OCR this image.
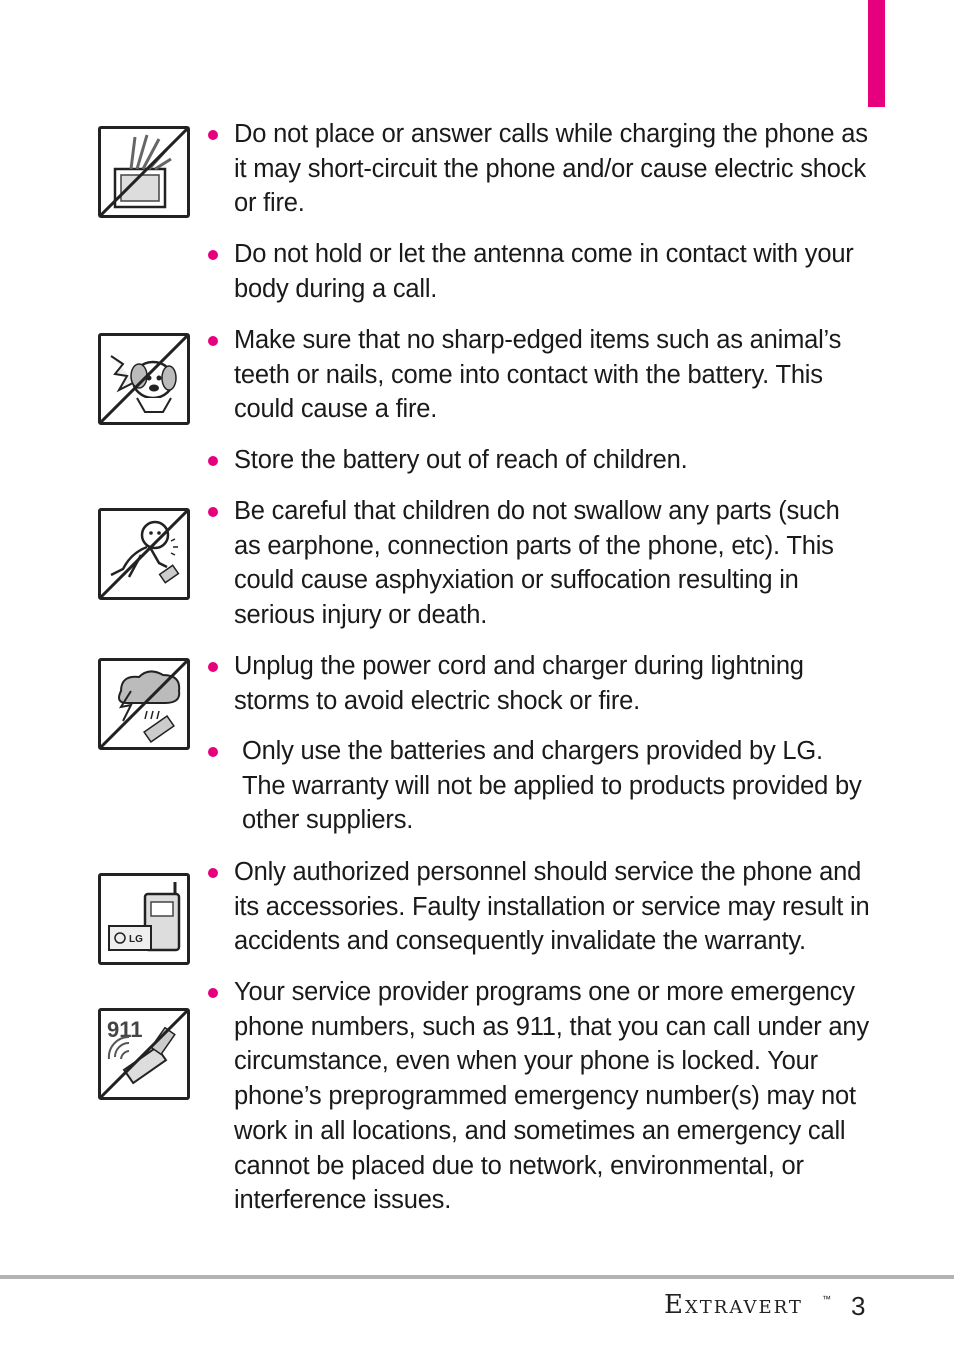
LG
911
Do not place or answer calls while charging the phone as it may short-circuit the phone and/or cause electric shock or fire.
Do not hold or let the antenna come in contact with your body during a call.
Make sure that no sharp-edged items such as animal’s teeth or nails, come into contact with the battery. This could cause a fire.
Store the battery out of reach of children.
Be careful that children do not swallow any parts (such as earphone, connection parts of the phone, etc). This could cause asphyxiation or suffocation resulting in serious injury or death.
Unplug the power cord and charger during lightning storms to avoid electric shock or fire.
Only use the batteries and chargers provided by LG. The warranty will not be applied to products provided by other suppliers.
Only authorized personnel should service the phone and its accessories. Faulty installation or service may result in accidents and consequently invalidate the warranty.
Your service provider programs one or more emergency phone numbers, such as 911, that you can call under any circumstance, even when your phone is locked. Your phone’s preprogrammed emergency number(s) may not work in all locations, and sometimes an emergency call cannot be placed due to network, environmental, or interference issues.
Extravert ™ 3
